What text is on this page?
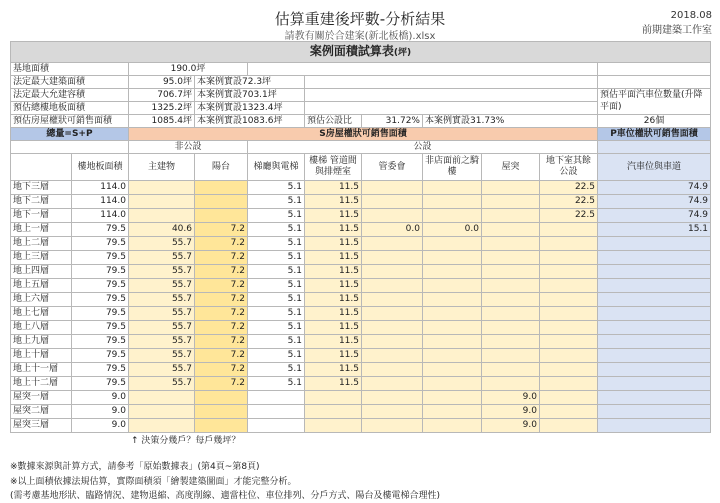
估算重建後坪數-分析結果
請教有關於合建案(新北板橋).xlsx
2018.08
前期建築工作室
案例面積試算表(坪)										
基地面積		190.0坪								
法定最大建築面積		95.0坪	本案例實設72.3坪							
法定最大允建容積		706.7坪	本案例實設703.1坪							預估平面汽車位數量(升降平面)
預估總樓地板面積		1325.2坪	本案例實設1323.4坪							
預估房屋權狀可銷售面積		1085.4坪	本案例實設1083.6坪		預估公設比	31.72%	本案例實設31.73%			26個
總量=S+P		S房屋權狀可銷售面積								P車位權狀可銷售面積
		非公設		公設						
	樓地板面積	主建物	陽台	梯廳與電梯	樓梯 管道間與排煙室	管委會	非店面前之騎樓	屋突	地下室其餘公設	汽車位與車道
地下三層	114.0			5.1	11.5				22.5	74.9
地下二層	114.0			5.1	11.5				22.5	74.9
地下一層	114.0			5.1	11.5				22.5	74.9
地上一層	79.5	40.6	7.2	5.1	11.5	0.0	0.0			15.1
地上二層	79.5	55.7	7.2	5.1	11.5					
地上三層	79.5	55.7	7.2	5.1	11.5					
地上四層	79.5	55.7	7.2	5.1	11.5					
地上五層	79.5	55.7	7.2	5.1	11.5					
地上六層	79.5	55.7	7.2	5.1	11.5					
地上七層	79.5	55.7	7.2	5.1	11.5					
地上八層	79.5	55.7	7.2	5.1	11.5					
地上九層	79.5	55.7	7.2	5.1	11.5					
地上十層	79.5	55.7	7.2	5.1	11.5					
地上十一層	79.5	55.7	7.2	5.1	11.5					
地上十二層	79.5	55.7	7.2	5.1	11.5					
屋突一層	9.0							9.0		
屋突二層	9.0							9.0		
屋突三層	9.0							9.0		
↑ 決策分幾戶？每戶幾坪？
※數據來源與計算方式，請參考「原始數據表」(第4頁~第8頁)
※以上面積依據法規估算，實際面積須「繪製建築圖面」才能完整分析。
(需考慮基地形狀、臨路情況、建物退縮、高度削線、適當柱位、車位排列、分戶方式、陽台及樓電梯合理性)
